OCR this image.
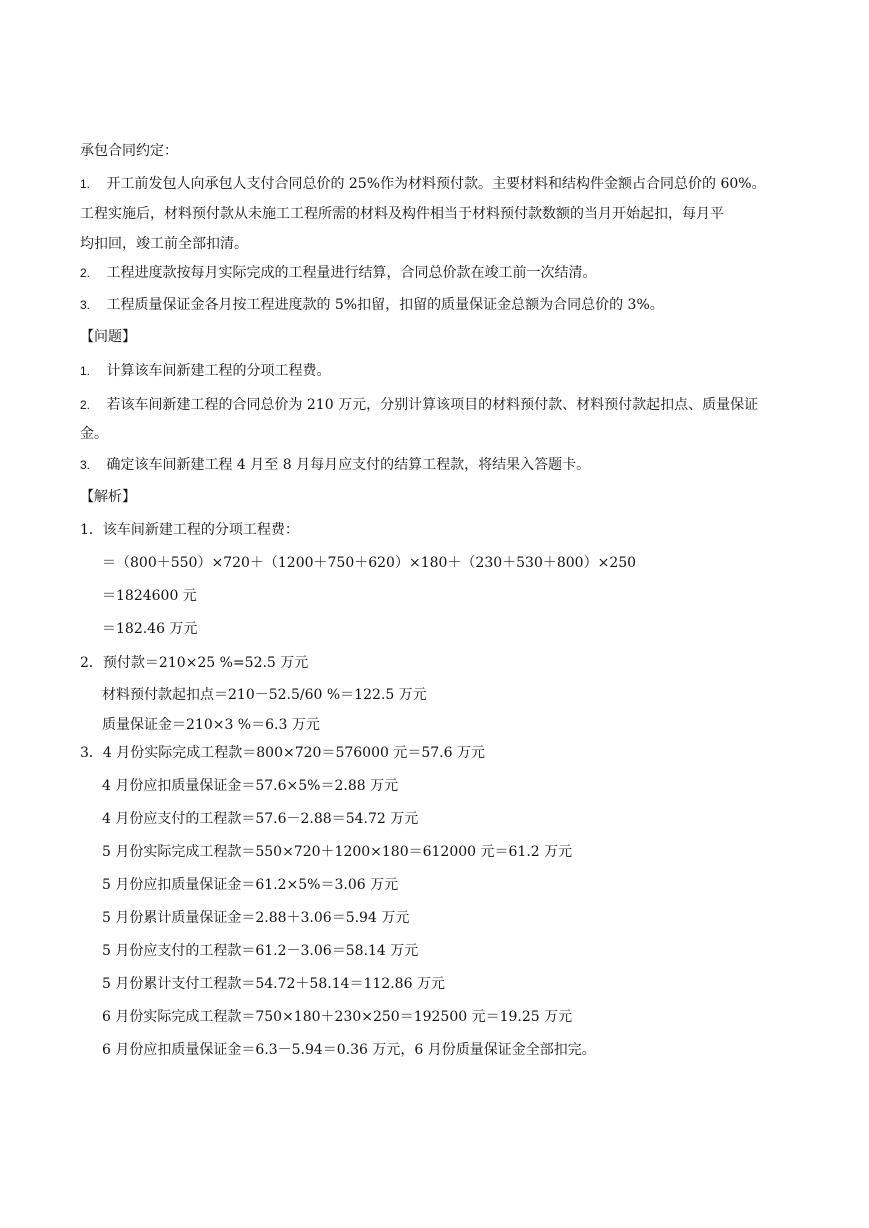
承包合同约定：
1. 开工前发包人向承包人支付合同总价的 25%作为材料预付款。主要材料和结构件金额占合同总价的 60%。
工程实施后，材料预付款从未施工工程所需的材料及构件相当于材料预付款数额的当月开始起扣，每月平
均扣回，竣工前全部扣清。
2. 工程进度款按每月实际完成的工程量进行结算，合同总价款在竣工前一次结清。
3. 工程质量保证金各月按工程进度款的 5%扣留，扣留的质量保证金总额为合同总价的 3%。
【问题】
1. 计算该车间新建工程的分项工程费。
2. 若该车间新建工程的合同总价为 210 万元，分别计算该项目的材料预付款、材料预付款起扣点、质量保证
金。
3. 确定该车间新建工程 4 月至 8 月每月应支付的结算工程款，将结果入答题卡。
【解析】
1．该车间新建工程的分项工程费：
＝（800＋550）×720＋（1200＋750＋620）×180＋（230＋530＋800）×250
＝1824600 元
＝182.46 万元
2．预付款＝210×25 %=52.5 万元
材料预付款起扣点＝210－52.5/60 %＝122.5 万元
质量保证金＝210×3 %＝6.3 万元
3．4 月份实际完成工程款＝800×720＝576000 元＝57.6 万元
4 月份应扣质量保证金＝57.6×5%＝2.88 万元
4 月份应支付的工程款＝57.6－2.88＝54.72 万元
5 月份实际完成工程款＝550×720＋1200×180＝612000 元＝61.2 万元
5 月份应扣质量保证金＝61.2×5%＝3.06 万元
5 月份累计质量保证金＝2.88＋3.06＝5.94 万元
5 月份应支付的工程款＝61.2－3.06＝58.14 万元
5 月份累计支付工程款＝54.72＋58.14＝112.86 万元
6 月份实际完成工程款＝750×180＋230×250＝192500 元＝19.25 万元
6 月份应扣质量保证金＝6.3－5.94＝0.36 万元，6 月份质量保证金全部扣完。
